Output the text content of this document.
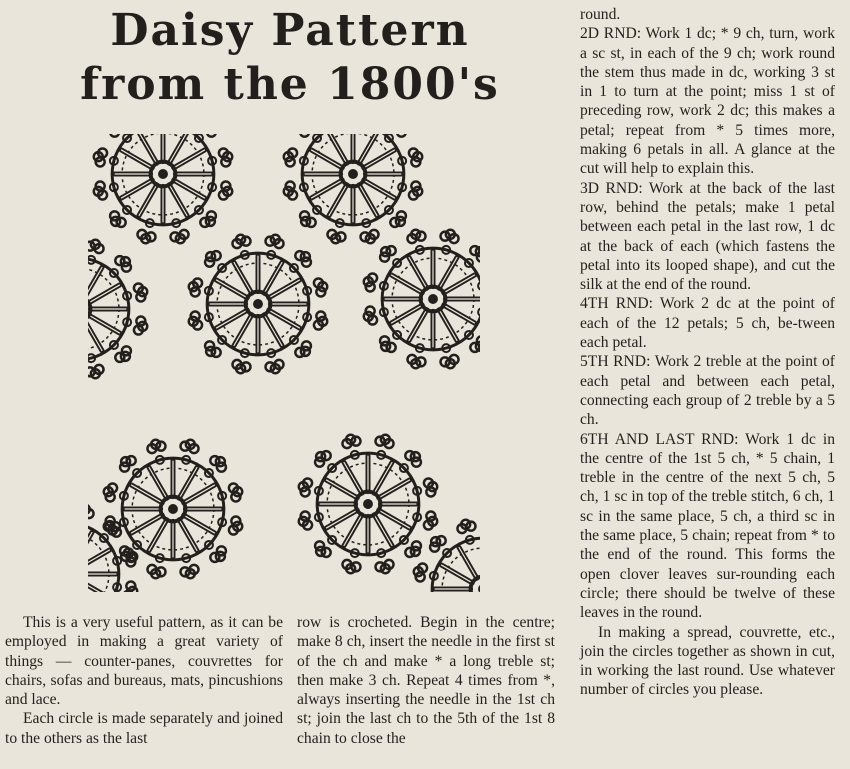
Daisy Pattern
from the 1800's

This is a very useful pattern, as it can be employed in making a great variety of things — counter-panes, couvrettes for chairs, sofas and bureaus, mats, pincushions and lace.

Each circle is made separately and joined to the others as the last

row is crocheted. Begin in the centre; make 8 ch, insert the needle in the first st of the ch and make * a long treble st; then make 3 ch. Repeat 4 times from *, always inserting the needle in the 1st ch st; join the last ch to the 5th of the 1st 8 chain to close the

round.

2D RND: Work 1 dc; * 9 ch, turn, work a sc st, in each of the 9 ch; work round the stem thus made in dc, working 3 st in 1 to turn at the point; miss 1 st of preceding row, work 2 dc; this makes a petal; repeat from * 5 times more, making 6 petals in all. A glance at the cut will help to explain this.

3D RND: Work at the back of the last row, behind the petals; make 1 petal between each petal in the last row, 1 dc at the back of each (which fastens the petal into its looped shape), and cut the silk at the end of the round.

4TH RND: Work 2 dc at the point of each of the 12 petals; 5 ch, be-tween each petal.

5TH RND: Work 2 treble at the point of each petal and between each petal, connecting each group of 2 treble by a 5 ch.

6TH AND LAST RND: Work 1 dc in the centre of the 1st 5 ch, * 5 chain, 1 treble in the centre of the next 5 ch, 5 ch, 1 sc in top of the treble stitch, 6 ch, 1 sc in the same place, 5 ch, a third sc in the same place, 5 chain; repeat from * to the end of the round. This forms the open clover leaves sur-rounding each circle; there should be twelve of these leaves in the round.

In making a spread, couvrette, etc., join the circles together as shown in cut, in working the last round. Use whatever number of circles you please.
